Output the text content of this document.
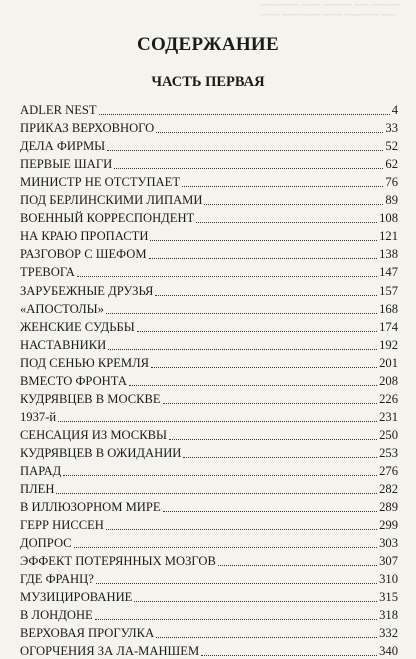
~~~~~~~~ ~~~~ ~~~~~~ ~~~ ~~~~~~
~~~~ ~~~~~~~~ ~~~~ ~~~~~~~ ~~~
СОДЕРЖАНИЕ
ЧАСТЬ ПЕРВАЯ
ADLER NEST	4
ПРИКАЗ ВЕРХОВНОГО	33
ДЕЛА ФИРМЫ	52
ПЕРВЫЕ ШАГИ	62
МИНИСТР НЕ ОТСТУПАЕТ	76
ПОД БЕРЛИНСКИМИ ЛИПАМИ	89
ВОЕННЫЙ КОРРЕСПОНДЕНТ	108
НА КРАЮ ПРОПАСТИ	121
РАЗГОВОР С ШЕФОМ	138
ТРЕВОГА	147
ЗАРУБЕЖНЫЕ ДРУЗЬЯ	157
«АПОСТОЛЫ»	168
ЖЕНСКИЕ СУДЬБЫ	174
НАСТАВНИКИ	192
ПОД СЕНЬЮ КРЕМЛЯ	201
ВМЕСТО ФРОНТА	208
КУДРЯВЦЕВ В МОСКВЕ	226
1937-й	231
СЕНСАЦИЯ ИЗ МОСКВЫ	250
КУДРЯВЦЕВ В ОЖИДАНИИ	253
ПАРАД	276
ПЛЕН	282
В ИЛЛЮЗОРНОМ МИРЕ	289
ГЕРР НИССЕН	299
ДОПРОС	303
ЭФФЕКТ ПОТЕРЯННЫХ МОЗГОВ	307
ГДЕ ФРАНЦ?	310
МУЗИЦИРОВАНИЕ	315
В ЛОНДОНЕ	318
ВЕРХОВАЯ ПРОГУЛКА	332
ОГОРЧЕНИЯ ЗА ЛА-МАНШЕМ	340
